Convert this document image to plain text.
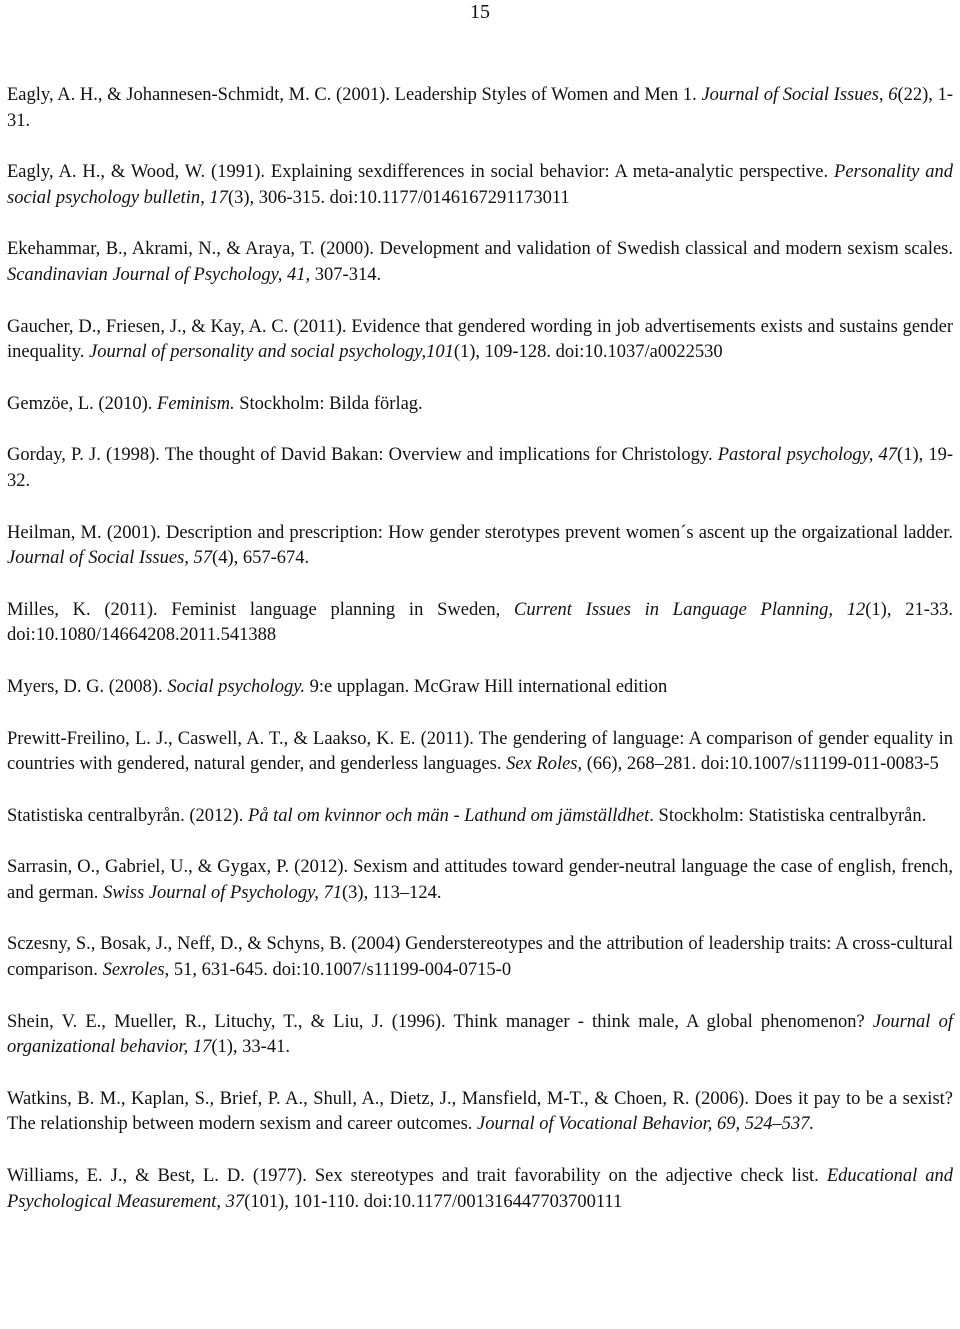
15

Eagly, A. H., & Johannesen-Schmidt, M. C. (2001). Leadership Styles of Women and Men 1. Journal of Social Issues, 6(22), 1-31.

Eagly, A. H., & Wood, W. (1991). Explaining sexdifferences in social behavior: A meta-analytic perspective. Personality and social psychology bulletin, 17(3), 306-315. doi:10.1177/0146167291173011

Ekehammar, B., Akrami, N., & Araya, T. (2000). Development and validation of Swedish classical and modern sexism scales. Scandinavian Journal of Psychology, 41, 307-314.

Gaucher, D., Friesen, J., & Kay, A. C. (2011). Evidence that gendered wording in job advertisements exists and sustains gender inequality. Journal of personality and social psychology,101(1), 109-128. doi:10.1037/a0022530

Gemzöe, L. (2010). Feminism. Stockholm: Bilda förlag.

Gorday, P. J. (1998). The thought of David Bakan: Overview and implications for Christology. Pastoral psychology, 47(1), 19-32.

Heilman, M. (2001). Description and prescription: How gender sterotypes prevent women´s ascent up the orgaizational ladder. Journal of Social Issues, 57(4), 657-674.

Milles, K. (2011). Feminist language planning in Sweden, Current Issues in Language Planning, 12(1), 21-33. doi:10.1080/14664208.2011.541388

Myers, D. G. (2008). Social psychology. 9:e upplagan. McGraw Hill international edition

Prewitt-Freilino, L. J., Caswell, A. T., & Laakso, K. E. (2011). The gendering of language: A comparison of gender equality in countries with gendered, natural gender, and genderless languages. Sex Roles, (66), 268–281. doi:10.1007/s11199-011-0083-5

Statistiska centralbyrån. (2012). På tal om kvinnor och män - Lathund om jämställdhet. Stockholm: Statistiska centralbyrån.

Sarrasin, O., Gabriel, U., & Gygax, P. (2012). Sexism and attitudes toward gender-neutral language the case of english, french, and german. Swiss Journal of Psychology, 71(3), 113–124.

Sczesny, S., Bosak, J., Neff, D., & Schyns, B. (2004) Genderstereotypes and the attribution of leadership traits: A cross-cultural comparison. Sexroles, 51, 631-645. doi:10.1007/s11199-004-0715-0

Shein, V. E., Mueller, R., Lituchy, T., & Liu, J. (1996). Think manager - think male, A global phenomenon? Journal of organizational behavior, 17(1), 33-41.

Watkins, B. M., Kaplan, S., Brief, P. A., Shull, A., Dietz, J., Mansfield, M-T., & Choen, R. (2006). Does it pay to be a sexist? The relationship between modern sexism and career outcomes. Journal of Vocational Behavior, 69, 524–537.

Williams, E. J., & Best, L. D. (1977). Sex stereotypes and trait favorability on the adjective check list. Educational and Psychological Measurement, 37(101), 101-110. doi:10.1177/001316447703700111
